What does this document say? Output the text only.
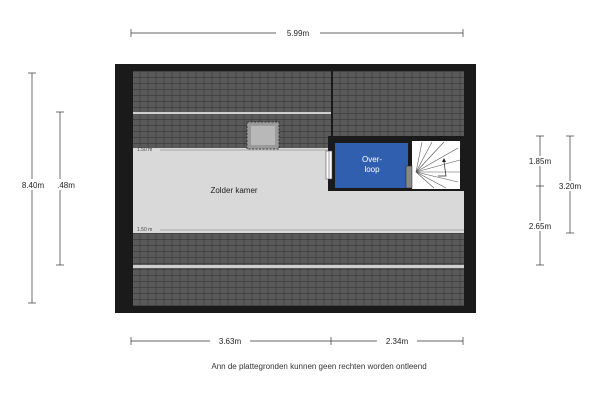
5.99m
8.40m .48m
Zolder kamer
Over-
loop
1.50 m
1.50 m
1.85m
2.65m
3.20m
3.63m	2.34m
Ann de plattegronden kunnen geen rechten worden ontleend
